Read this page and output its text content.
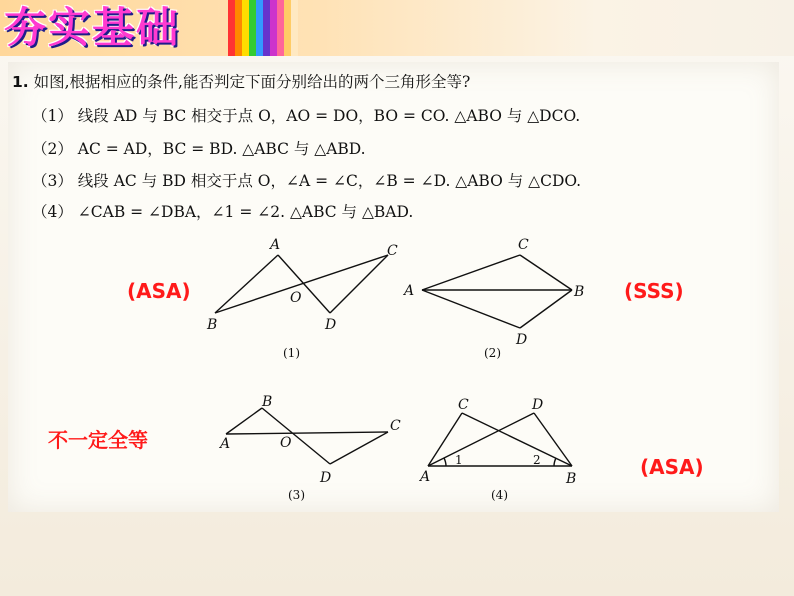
夯实基础
1. 如图,根据相应的条件,能否判定下面分别给出的两个三角形全等?
（1） 线段 AD 与 BC 相交于点 O，AO = DO，BO = CO. △ABO 与 △DCO.
（2） AC = AD，BC = BD. △ABC 与 △ABD.
（3） 线段 AC 与 BD 相交于点 O，∠A = ∠C，∠B = ∠D. △ABO 与 △CDO.
（4） ∠CAB = ∠DBA，∠1 = ∠2. △ABC 与 △BAD.
A
B
C
D
O
(1)
C
A	B
D
(2)
B
A	O
C
D
(3)
C	D
A	B
1	2
(4)
(ASA)	(SSS)
不一定全等
(ASA)
